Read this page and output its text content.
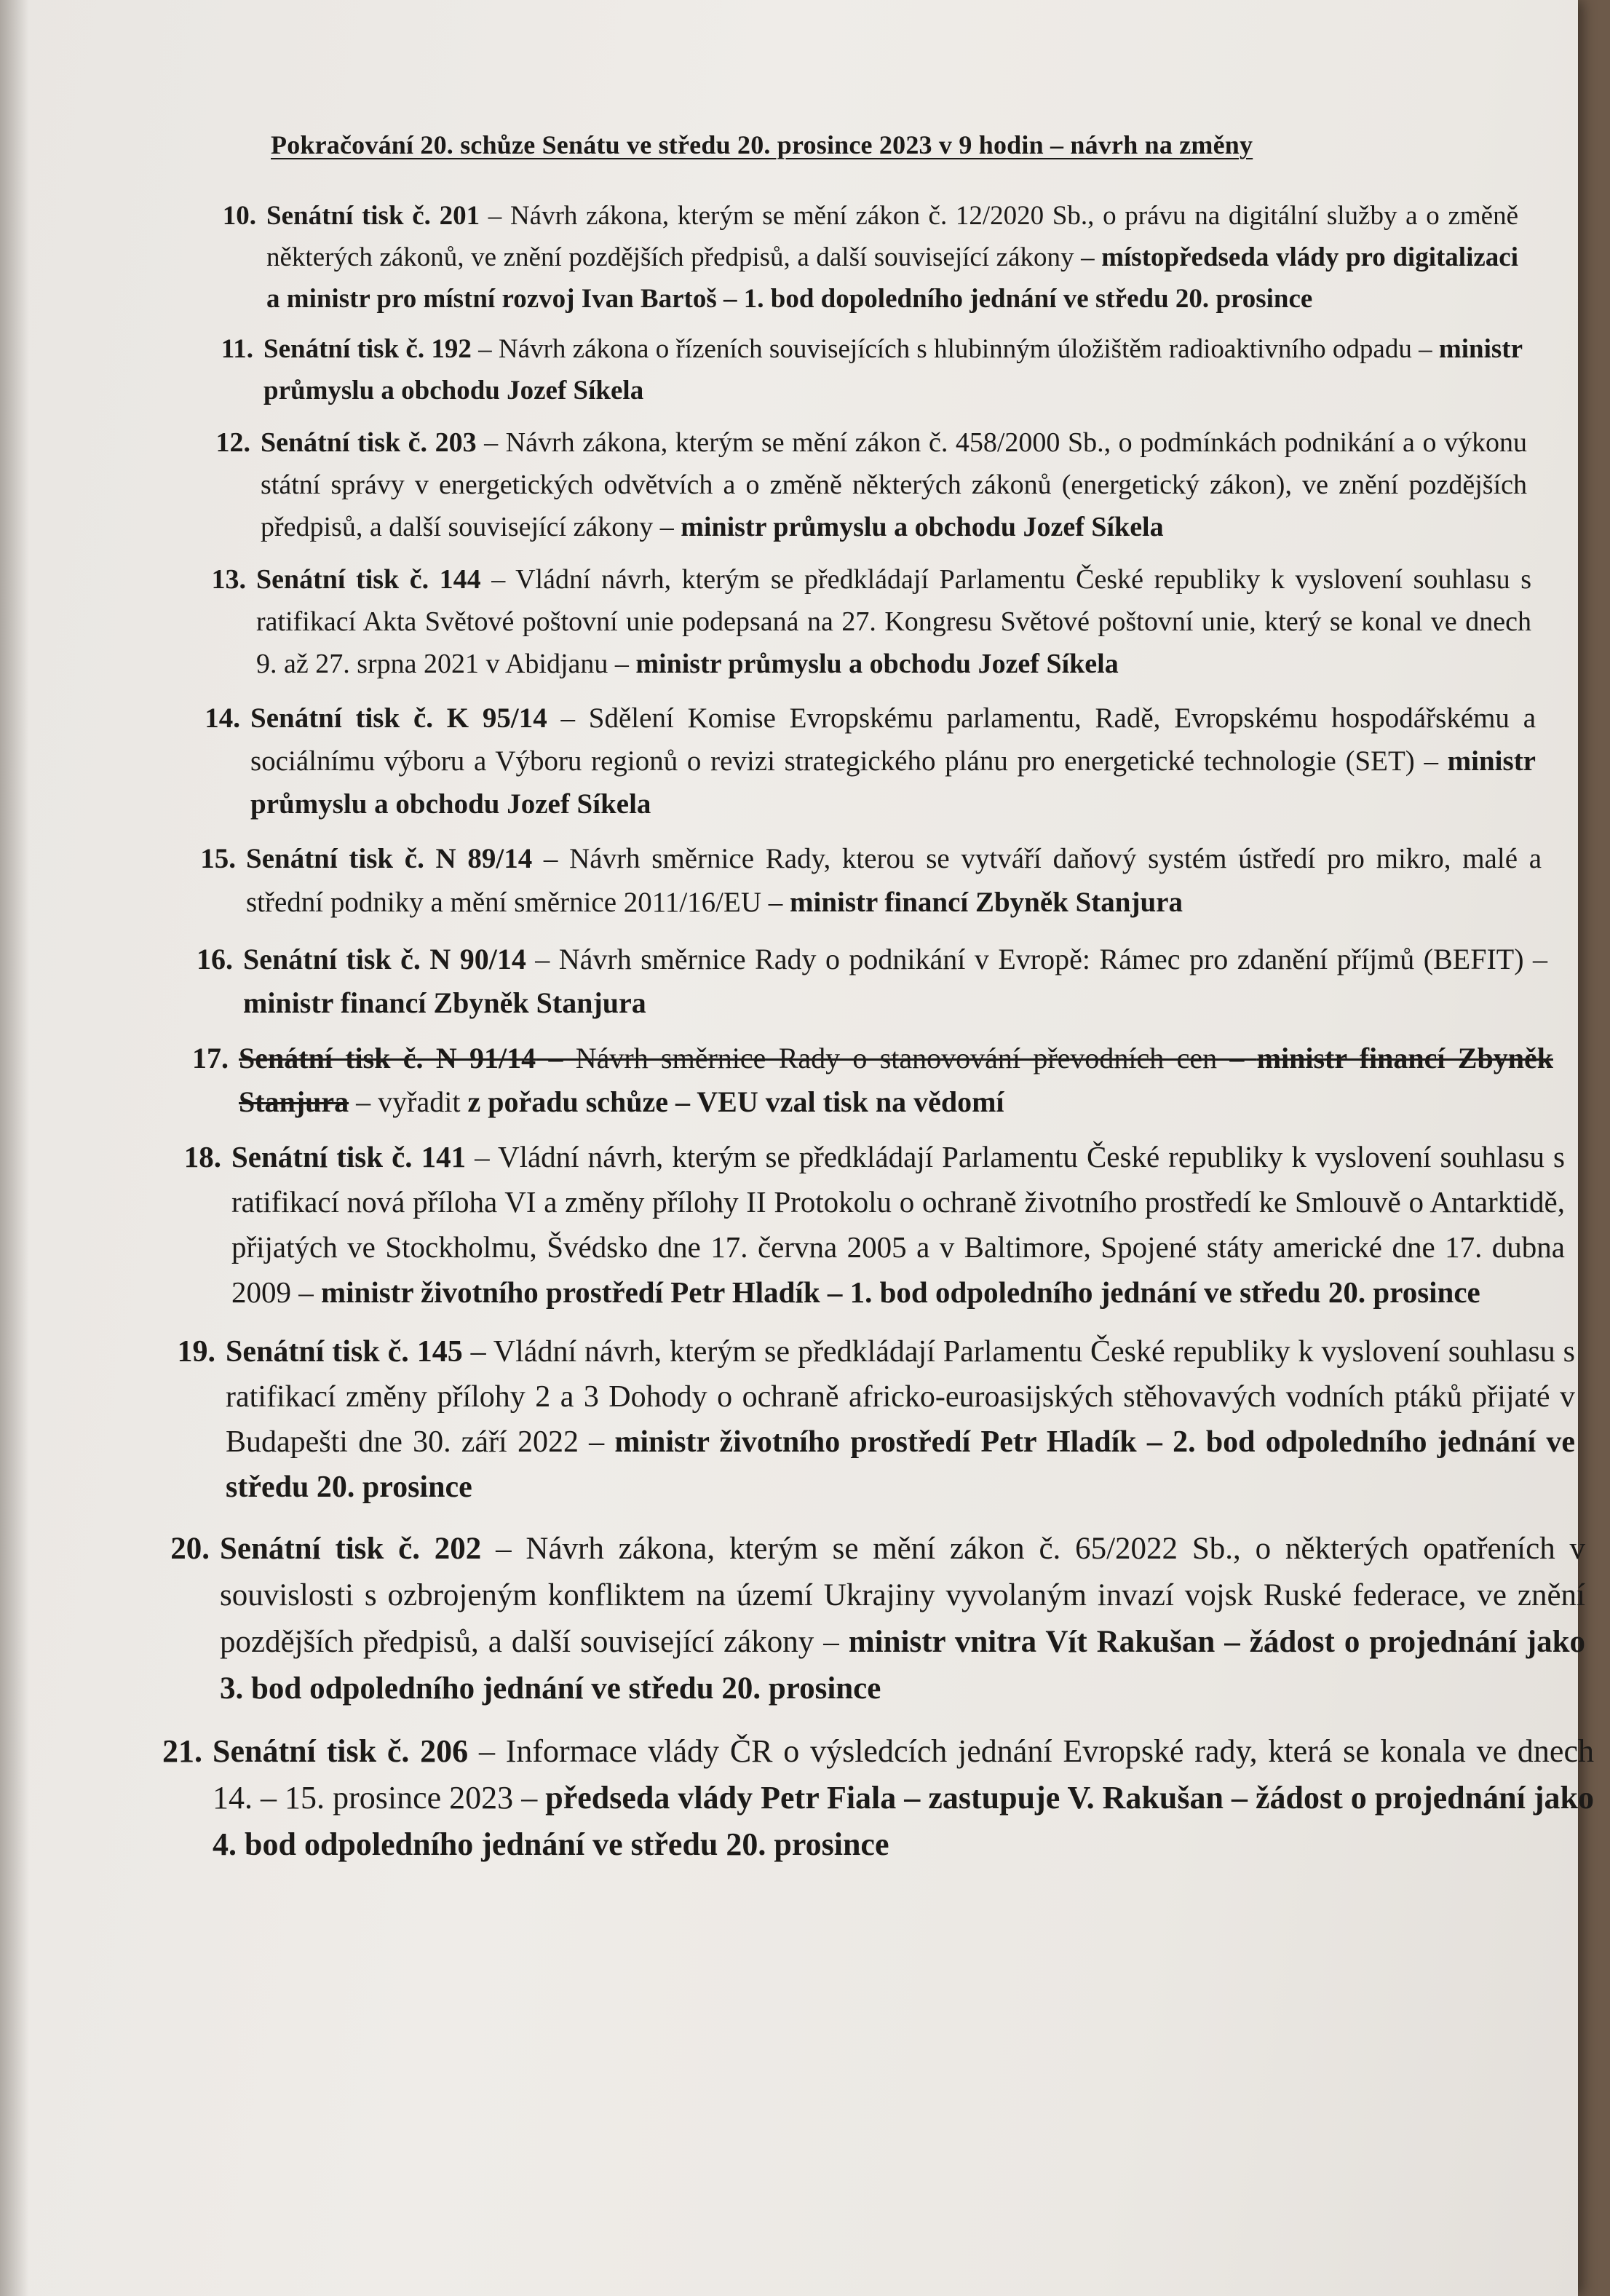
Pokračování 20. schůze Senátu ve středu 20. prosince 2023 v 9 hodin – návrh na změny
10. Senátní tisk č. 201 – Návrh zákona, kterým se mění zákon č. 12/2020 Sb., o právu na digitální služby a o změně některých zákonů, ve znění pozdějších předpisů, a další související zákony – místopředseda vlády pro digitalizaci a ministr pro místní rozvoj Ivan Bartoš – 1. bod dopoledního jednání ve středu 20. prosince
11. Senátní tisk č. 192 – Návrh zákona o řízeních souvisejících s hlubinným úložištěm radioaktivního odpadu – ministr průmyslu a obchodu Jozef Síkela
12. Senátní tisk č. 203 – Návrh zákona, kterým se mění zákon č. 458/2000 Sb., o podmínkách podnikání a o výkonu státní správy v energetických odvětvích a o změně některých zákonů (energetický zákon), ve znění pozdějších předpisů, a další související zákony – ministr průmyslu a obchodu Jozef Síkela
13. Senátní tisk č. 144 – Vládní návrh, kterým se předkládají Parlamentu České republiky k vyslovení souhlasu s ratifikací Akta Světové poštovní unie podepsaná na 27. Kongresu Světové poštovní unie, který se konal ve dnech 9. až 27. srpna 2021 v Abidjanu – ministr průmyslu a obchodu Jozef Síkela
14. Senátní tisk č. K 95/14 – Sdělení Komise Evropskému parlamentu, Radě, Evropskému hospodářskému a sociálnímu výboru a Výboru regionů o revizi strategického plánu pro energetické technologie (SET) – ministr průmyslu a obchodu Jozef Síkela
15. Senátní tisk č. N 89/14 – Návrh směrnice Rady, kterou se vytváří daňový systém ústředí pro mikro, malé a střední podniky a mění směrnice 2011/16/EU – ministr financí Zbyněk Stanjura
16. Senátní tisk č. N 90/14 – Návrh směrnice Rady o podnikání v Evropě: Rámec pro zdanění příjmů (BEFIT) – ministr financí Zbyněk Stanjura
17. Senátní tisk č. N 91/14 – Návrh směrnice Rady o stanovování převodních cen – ministr financí Zbyněk Stanjura – vyřadit z pořadu schůze – VEU vzal tisk na vědomí
18. Senátní tisk č. 141 – Vládní návrh, kterým se předkládají Parlamentu České republiky k vyslovení souhlasu s ratifikací nová příloha VI a změny přílohy II Protokolu o ochraně životního prostředí ke Smlouvě o Antarktidě, přijatých ve Stockholmu, Švédsko dne 17. června 2005 a v Baltimore, Spojené státy americké dne 17. dubna 2009 – ministr životního prostředí Petr Hladík – 1. bod odpoledního jednání ve středu 20. prosince
19. Senátní tisk č. 145 – Vládní návrh, kterým se předkládají Parlamentu České republiky k vyslovení souhlasu s ratifikací změny přílohy 2 a 3 Dohody o ochraně africko-euroasijských stěhovavých vodních ptáků přijaté v Budapešti dne 30. září 2022 – ministr životního prostředí Petr Hladík – 2. bod odpoledního jednání ve středu 20. prosince
20. Senátní tisk č. 202 – Návrh zákona, kterým se mění zákon č. 65/2022 Sb., o některých opatřeních v souvislosti s ozbrojeným konfliktem na území Ukrajiny vyvolaným invazí vojsk Ruské federace, ve znění pozdějších předpisů, a další související zákony – ministr vnitra Vít Rakušan – žádost o projednání jako 3. bod odpoledního jednání ve středu 20. prosince
21. Senátní tisk č. 206 – Informace vlády ČR o výsledcích jednání Evropské rady, která se konala ve dnech 14. – 15. prosince 2023 – předseda vlády Petr Fiala – zastupuje V. Rakušan – žádost o projednání jako 4. bod odpoledního jednání ve středu 20. prosince
